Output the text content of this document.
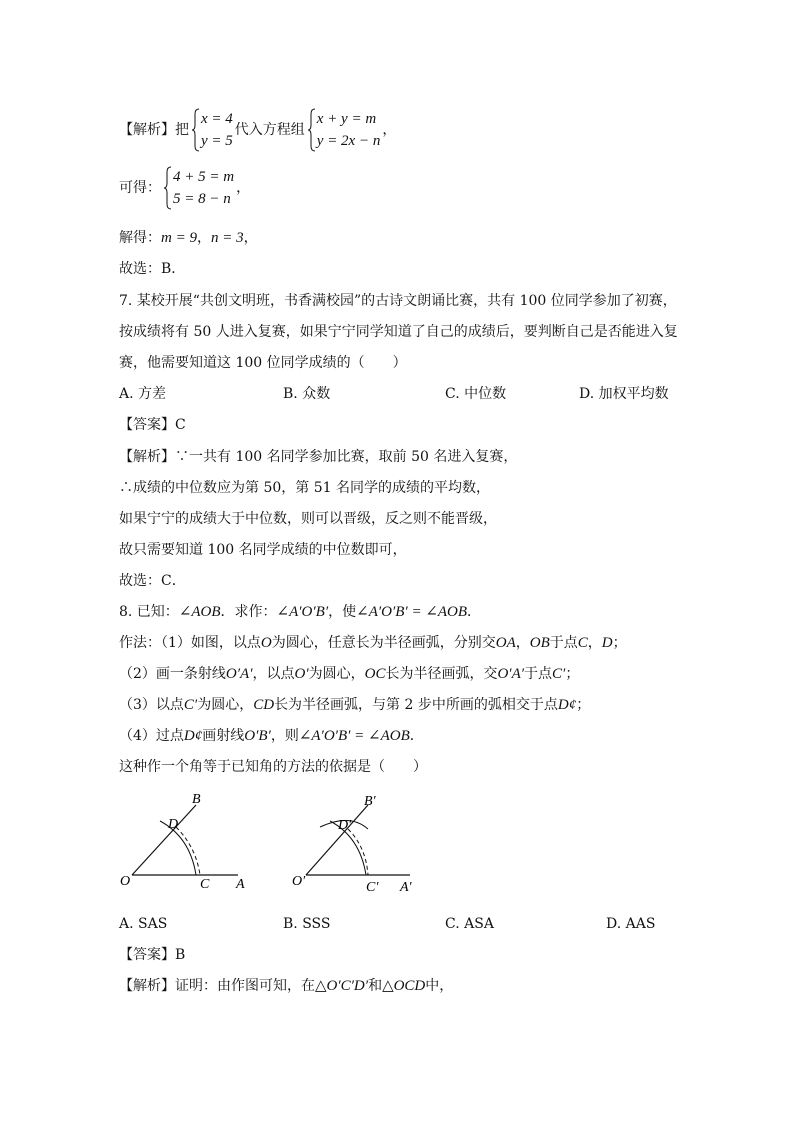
【解析】把
x = 4
y = 5
代入方程组
x + y = m
y = 2x − n
，
可得：
4 + 5 = m
5 = 8 − n
，
解得：m = 9，n = 3，
故选：B．
7. 某校开展“共创文明班，书香满校园”的古诗文朗诵比赛，共有 100 位同学参加了初赛，
按成绩将有 50 人进入复赛，如果宁宁同学知道了自己的成绩后，要判断自己是否能进入复
赛，他需要知道这 100 位同学成绩的（　　）
A. 方差	B. 众数	C. 中位数	D. 加权平均数
【答案】C
【解析】∵一共有 100 名同学参加比赛，取前 50 名进入复赛，
∴成绩的中位数应为第 50，第 51 名同学的成绩的平均数，
如果宁宁的成绩大于中位数，则可以晋级，反之则不能晋级，
故只需要知道 100 名同学成绩的中位数即可，
故选：C．
8. 已知：∠AOB．求作：∠A′O′B′，使∠A′O′B′ = ∠AOB．
作法：（1）如图，以点O为圆心，任意长为半径画弧，分别交OA，OB于点C，D；
（2）画一条射线O′A′，以点O′为圆心，OC长为半径画弧，交O′A′于点C′；
（3）以点C′为圆心，CD长为半径画弧，与第 2 步中所画的弧相交于点D¢；
（4）过点D¢画射线O′B′，则∠A′O′B′ = ∠AOB．
这种作一个角等于已知角的方法的依据是（　　）
O	C A
D
B
O′	C′ A′
D′
B′
A. SAS	B. SSS	C. ASA	D. AAS
【答案】B
【解析】证明：由作图可知，在△O′C′D′和△OCD中，
